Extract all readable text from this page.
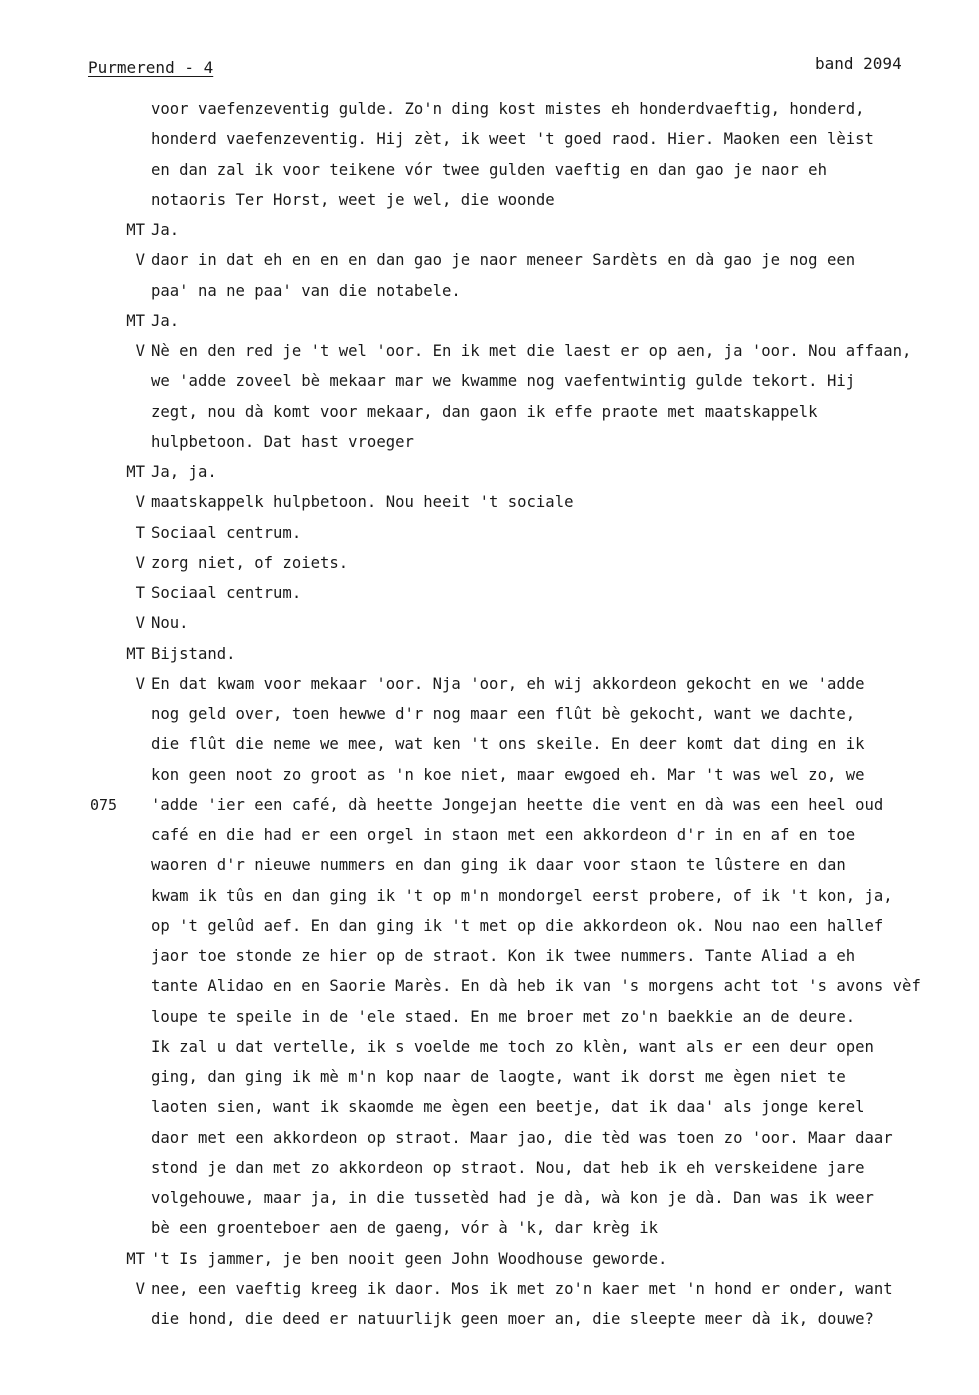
Purmerend - 4	band 2094
voor vaefenzeventig gulde. Zo'n ding kost mistes eh honderdvaeftig, honderd,
honderd vaefenzeventig. Hij zèt, ik weet 't goed raod. Hier. Maoken een lèist
en dan zal ik voor teikene vór twee gulden vaeftig en dan gao je naor eh
notaoris Ter Horst, weet je wel, die woonde
MT Ja.
V daor in dat eh en en en dan gao je naor meneer Sardèts en dà gao je nog een
paa' na ne paa' van die notabele.
MT Ja.
V Nè en den red je 't wel 'oor. En ik met die laest er op aen, ja 'oor. Nou affaan,
we 'adde zoveel bè mekaar mar we kwamme nog vaefentwintig gulde tekort. Hij
zegt, nou dà komt voor mekaar, dan gaon ik effe praote met maatskappelk
hulpbetoon. Dat hast vroeger
MT Ja, ja.
V maatskappelk hulpbetoon. Nou heeit 't sociale
T Sociaal centrum.
V zorg niet, of zoiets.
T Sociaal centrum.
V Nou.
MT Bijstand.
V En dat kwam voor mekaar 'oor. Nja 'oor, eh wij akkordeon gekocht en we 'adde
nog geld over, toen hewwe d'r nog maar een flût bè gekocht, want we dachte,
die flût die neme we mee, wat ken 't ons skeile. En deer komt dat ding en ik
kon geen noot zo groot as 'n koe niet, maar ewgoed eh. Mar 't was wel zo, we
'adde 'ier een café, dà heette Jongejan heette die vent en dà was een heel oud
075
café en die had er een orgel in staon met een akkordeon d'r in en af en toe
waoren d'r nieuwe nummers en dan ging ik daar voor staon te lûstere en dan
kwam ik tûs en dan ging ik 't op m'n mondorgel eerst probere, of ik 't kon, ja,
op 't gelûd aef. En dan ging ik 't met op die akkordeon ok. Nou nao een hallef
jaor toe stonde ze hier op de straot. Kon ik twee nummers. Tante Aliad a eh
tante Alidao en en Saorie Marès. En dà heb ik van 's morgens acht tot 's avons vèf
loupe te speile in de 'ele staed. En me broer met zo'n baekkie an de deure.
Ik zal u dat vertelle, ik s voelde me toch zo klèn, want als er een deur open
ging, dan ging ik mè m'n kop naar de laogte, want ik dorst me ègen niet te
laoten sien, want ik skaomde me ègen een beetje, dat ik daa' als jonge kerel
daor met een akkordeon op straot. Maar jao, die tèd was toen zo 'oor. Maar daar
stond je dan met zo akkordeon op straot. Nou, dat heb ik eh verskeidene jare
volgehouwe, maar ja, in die tussetèd had je dà, wà kon je dà. Dan was ik weer
bè een groenteboer aen de gaeng, vór à 'k, dar krèg ik
MT 't Is jammer, je ben nooit geen John Woodhouse geworde.
V nee, een vaeftig kreeg ik daor. Mos ik met zo'n kaer met 'n hond er onder, want
die hond, die deed er natuurlijk geen moer an, die sleepte meer dà ik, douwe?
